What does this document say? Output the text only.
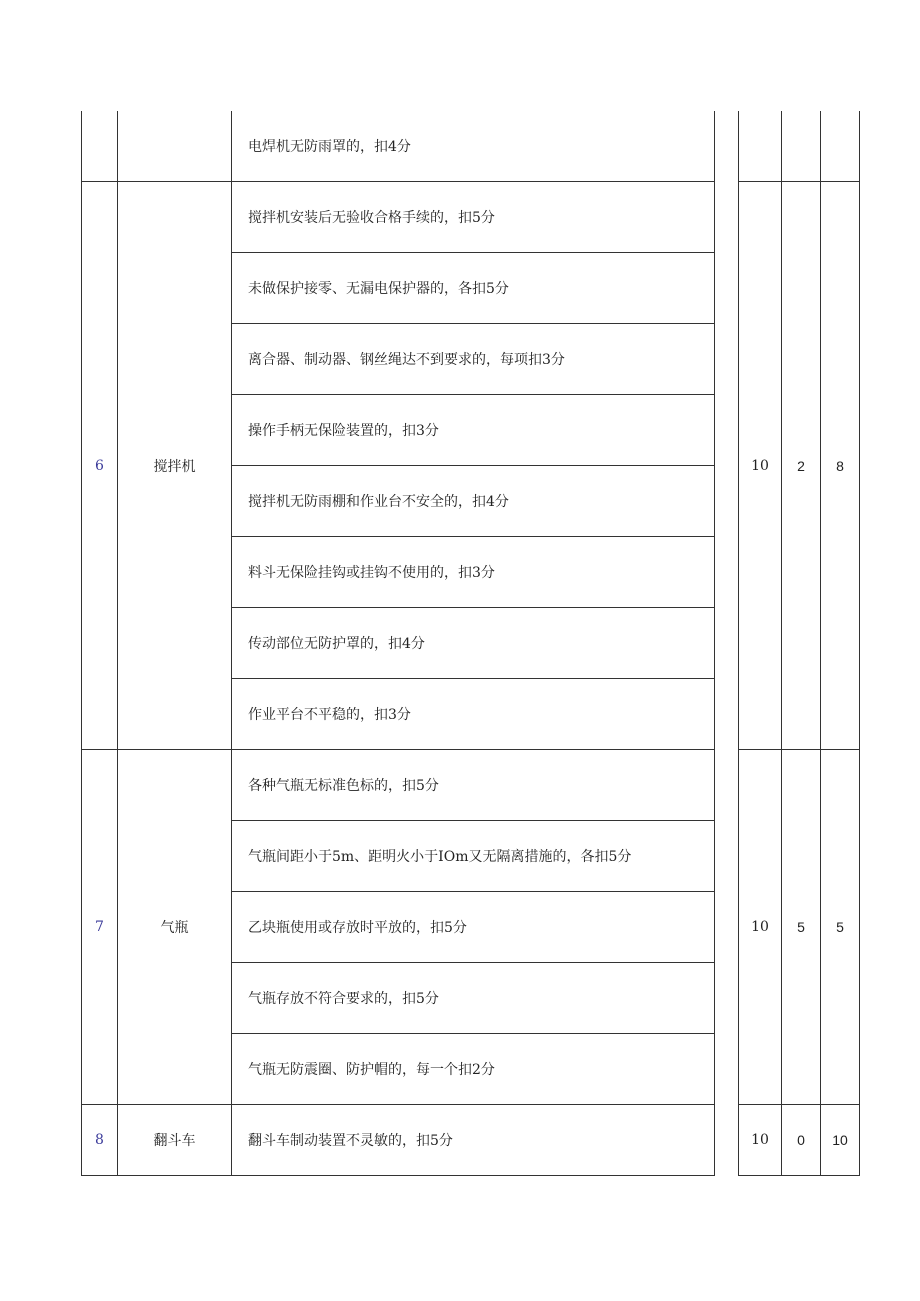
		电焊机无防雨罩的，扣4分				
6	搅拌机	搅拌机安装后无验收合格手续的，扣5分		10	2	8
		未做保护接零、无漏电保护器的，各扣5分				
		离合器、制动器、钢丝绳达不到要求的，每项扣3分				
		操作手柄无保险装置的，扣3分				
		搅拌机无防雨棚和作业台不安全的，扣4分				
		料斗无保险挂钩或挂钩不使用的，扣3分				
		传动部位无防护罩的，扣4分				
		作业平台不平稳的，扣3分				
7	气瓶	各种气瓶无标准色标的，扣5分		10	5	5
		气瓶间距小于5m、距明火小于IOm又无隔离措施的，各扣5分				
		乙块瓶使用或存放时平放的，扣5分				
		气瓶存放不符合要求的，扣5分				
		气瓶无防震圈、防护帽的，每一个扣2分				
8	翻斗车	翻斗车制动装置不灵敏的，扣5分		10	0	10
